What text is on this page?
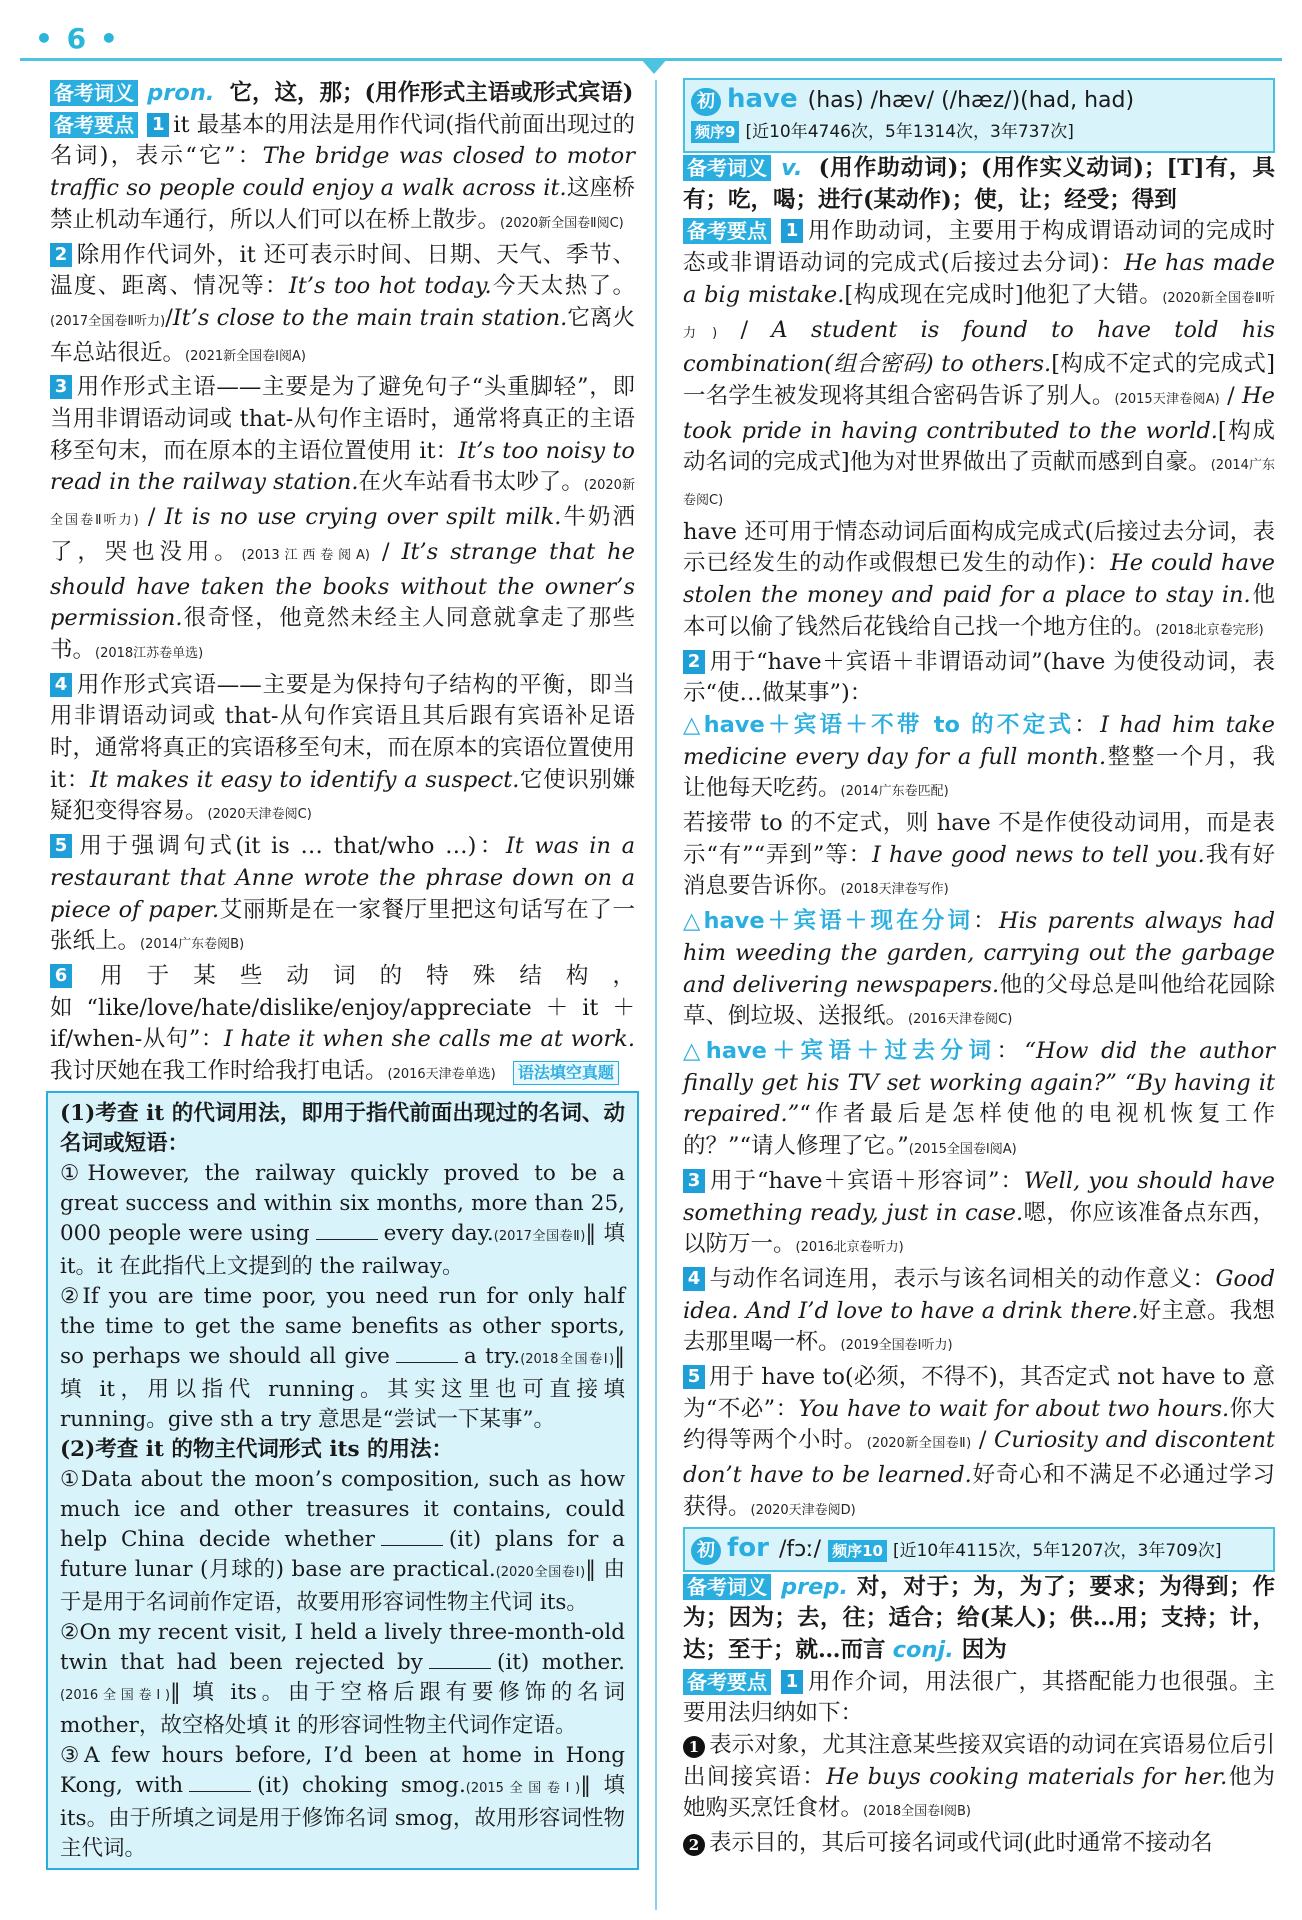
• 6 •

备考词义 pron. 它，这，那；(用作形式主语或形式宾语)

备考要点 1 it 最基本的用法是用作代词(指代前面出现过的名词)，表示“它”：The bridge was closed to motor traffic so people could enjoy a walk across it.这座桥禁止机动车通行，所以人们可以在桥上散步。(2020新全国卷Ⅱ阅C)

2 除用作代词外，it 还可表示时间、日期、天气、季节、温度、距离、情况等：It’s too hot today.今天太热了。(2017全国卷Ⅱ听力)/It’s close to the main train station.它离火车总站很近。(2021新全国卷Ⅰ阅A)

3 用作形式主语——主要是为了避免句子“头重脚轻”，即当用非谓语动词或 that-从句作主语时，通常将真正的主语移至句末，而在原本的主语位置使用 it：It’s too noisy to read in the railway station.在火车站看书太吵了。(2020新全国卷Ⅱ听力) / It is no use crying over spilt milk.牛奶洒了，哭也没用。(2013江西卷阅A) / It’s strange that he should have taken the books without the owner’s permission.很奇怪，他竟然未经主人同意就拿走了那些书。(2018江苏卷单选)

4 用作形式宾语——主要是为保持句子结构的平衡，即当用非谓语动词或 that-从句作宾语且其后跟有宾语补足语时，通常将真正的宾语移至句末，而在原本的宾语位置使用 it：It makes it easy to identify a suspect.它使识别嫌疑犯变得容易。(2020天津卷阅C)

5 用于强调句式(it is … that/who …)：It was in a restaurant that Anne wrote the phrase down on a piece of paper.艾丽斯是在一家餐厅里把这句话写在了一张纸上。(2014广东卷阅B)

6 用于某些动词的特殊结构，如“like/love/hate/dislike/enjoy/appreciate＋it＋if/when-从句”：I hate it when she calls me at work.我讨厌她在我工作时给我打电话。(2016天津卷单选) 语法填空真题

(1)考查 it 的代词用法，即用于指代前面出现过的名词、动名词或短语：

①However, the railway quickly proved to be a great success and within six months, more than 25, 000 people were using	every day.(2017全国卷Ⅱ)‖ 填 it。it 在此指代上文提到的 the railway。

②If you are time poor, you need run for only half the time to get the same benefits as other sports, so perhaps we should all give	a try.(2018全国卷Ⅰ)‖ 填 it，用以指代 running。其实这里也可直接填 running。give sth a try 意思是“尝试一下某事”。

(2)考查 it 的物主代词形式 its 的用法：

①Data about the moon’s composition, such as how much ice and other treasures it contains, could help China decide whether	(it) plans for a future lunar (月球的) base are practical.(2020全国卷Ⅰ)‖ 由于是用于名词前作定语，故要用形容词性物主代词 its。

②On my recent visit, I held a lively three-month-old twin that had been rejected by	(it) mother.(2016全国卷Ⅰ)‖ 填 its。由于空格后跟有要修饰的名词 mother，故空格处填 it 的形容词性物主代词作定语。

③A few hours before, I’d been at home in Hong Kong, with	(it) choking smog.(2015全国卷Ⅰ)‖ 填 its。由于所填之词是用于修饰名词 smog，故用形容词性物主代词。

初 have (has) /hæv/ (/hæz/)(had, had)
频序9 [近10年4746次，5年1314次，3年737次]

备考词义 v. (用作助动词)；(用作实义动词)；[T]有，具有；吃，喝；进行(某动作)；使，让；经受；得到

备考要点 1 用作助动词，主要用于构成谓语动词的完成时态或非谓语动词的完成式(后接过去分词)：He has made a big mistake.[构成现在完成时]他犯了大错。(2020新全国卷Ⅱ听力) / A student is found to have told his combination(组合密码) to others.[构成不定式的完成式]一名学生被发现将其组合密码告诉了别人。(2015天津卷阅A) / He took pride in having contributed to the world.[构成动名词的完成式]他为对世界做出了贡献而感到自豪。(2014广东卷阅C)

have 还可用于情态动词后面构成完成式(后接过去分词，表示已经发生的动作或假想已发生的动作)：He could have stolen the money and paid for a place to stay in.他本可以偷了钱然后花钱给自己找一个地方住的。(2018北京卷完形)

2 用于“have＋宾语＋非谓语动词”(have 为使役动词，表示“使…做某事”)：

△have＋宾语＋不带 to 的不定式：I had him take medicine every day for a full month.整整一个月，我让他每天吃药。(2014广东卷匹配)

若接带 to 的不定式，则 have 不是作使役动词用，而是表示“有”“弄到”等：I have good news to tell you.我有好消息要告诉你。(2018天津卷写作)

△have＋宾语＋现在分词：His parents always had him weeding the garden, carrying out the garbage and delivering newspapers.他的父母总是叫他给花园除草、倒垃圾、送报纸。(2016天津卷阅C)

△have＋宾语＋过去分词：“How did the author finally get his TV set working again?” “By having it repaired.”“作者最后是怎样使他的电视机恢复工作的？”“请人修理了它。”(2015全国卷Ⅰ阅A)

3 用于“have＋宾语＋形容词”：Well, you should have something ready, just in case.嗯，你应该准备点东西，以防万一。(2016北京卷听力)

4 与动作名词连用，表示与该名词相关的动作意义：Good idea. And I’d love to have a drink there.好主意。我想去那里喝一杯。(2019全国卷Ⅰ听力)

5 用于 have to(必须，不得不)，其否定式 not have to 意为“不必”：You have to wait for about two hours.你大约得等两个小时。(2020新全国卷Ⅱ) / Curiosity and discontent don’t have to be learned.好奇心和不满足不必通过学习获得。(2020天津卷阅D)

初 for /fɔː/ 频序10 [近10年4115次，5年1207次，3年709次]

备考词义 prep. 对，对于；为，为了；要求；为得到；作为；因为；去，往；适合；给(某人)；供…用；支持；计，达；至于；就…而言 conj. 因为

备考要点 1 用作介词，用法很广，其搭配能力也很强。主要用法归纳如下：

1 表示对象，尤其注意某些接双宾语的动词在宾语易位后引出间接宾语：He buys cooking materials for her.他为她购买烹饪食材。(2018全国卷Ⅰ阅B)

2 表示目的，其后可接名词或代词(此时通常不接动名
